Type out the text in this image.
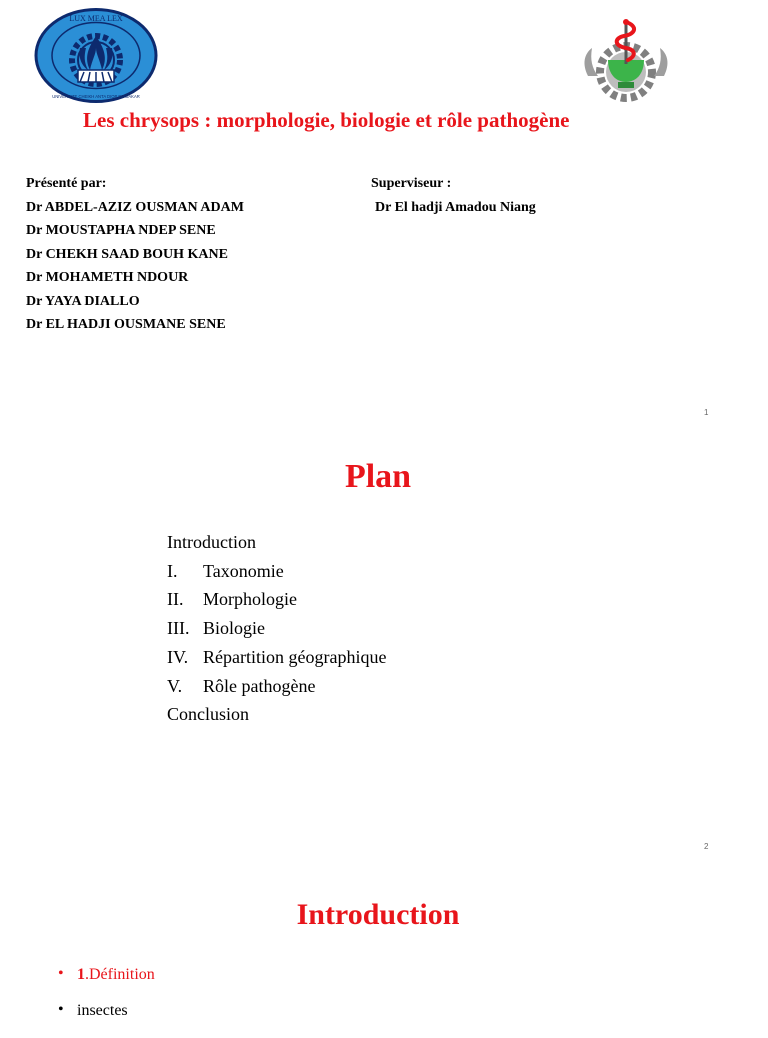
LUX MEA LEX
UNIVERSITE CHEIKH ANTA DIOP DE DAKAR
Les chrysops : morphologie, biologie et rôle pathogène
Présenté par:
Dr ABDEL-AZIZ OUSMAN ADAM
Dr MOUSTAPHA NDEP SENE
Dr CHEKH SAAD BOUH KANE
Dr MOHAMETH NDOUR
Dr YAYA DIALLO
Dr EL HADJI OUSMANE SENE
Superviseur :
Dr El hadji Amadou Niang
1
Plan
Introduction
I. Taxonomie
II. Morphologie
III. Biologie
IV. Répartition géographique
V. Rôle pathogène
Conclusion
2
Introduction
• 1.Définition
• insectes
